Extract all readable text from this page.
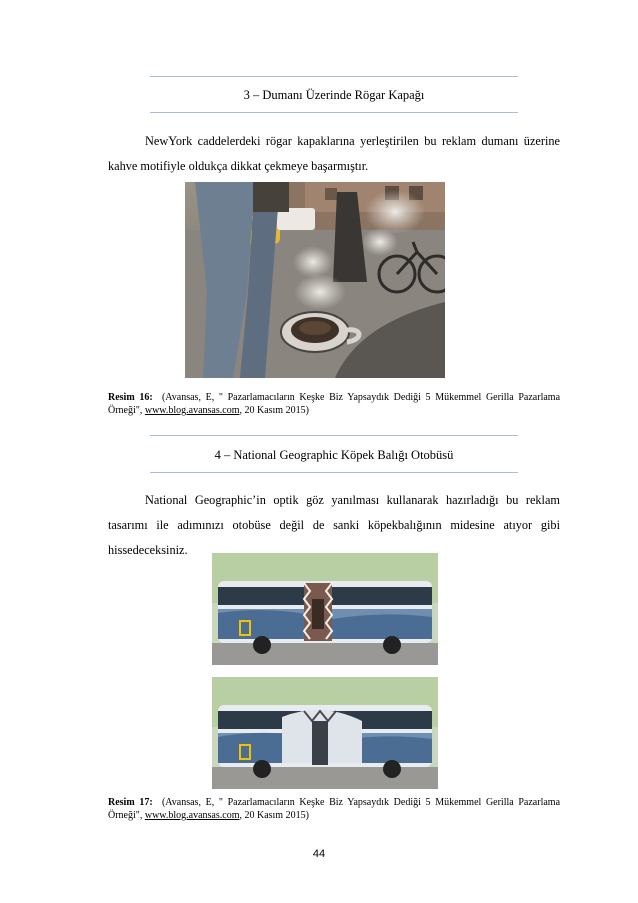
3 – Dumanı Üzerinde Rögar Kapağı
NewYork caddelerdeki rögar kapaklarına yerleştirilen bu reklam dumanı üzerine kahve motifiyle oldukça dikkat çekmeye başarmıştır.
Resim 16: (Avansas, E, " Pazarlamacıların Keşke Biz Yapsaydık Dediği 5 Mükemmel Gerilla Pazarlama Örneği", www.blog.avansas.com, 20 Kasım 2015)
4 – National Geographic Köpek Balığı Otobüsü
National Geographic’in optik göz yanılması kullanarak hazırladığı bu reklam tasarımı ile adımınızı otobüse değil de sanki köpekbalığının midesine atıyor gibi hissedeceksiniz.
Resim 17: (Avansas, E, " Pazarlamacıların Keşke Biz Yapsaydık Dediği 5 Mükemmel Gerilla Pazarlama Örneği", www.blog.avansas.com, 20 Kasım 2015)
44
